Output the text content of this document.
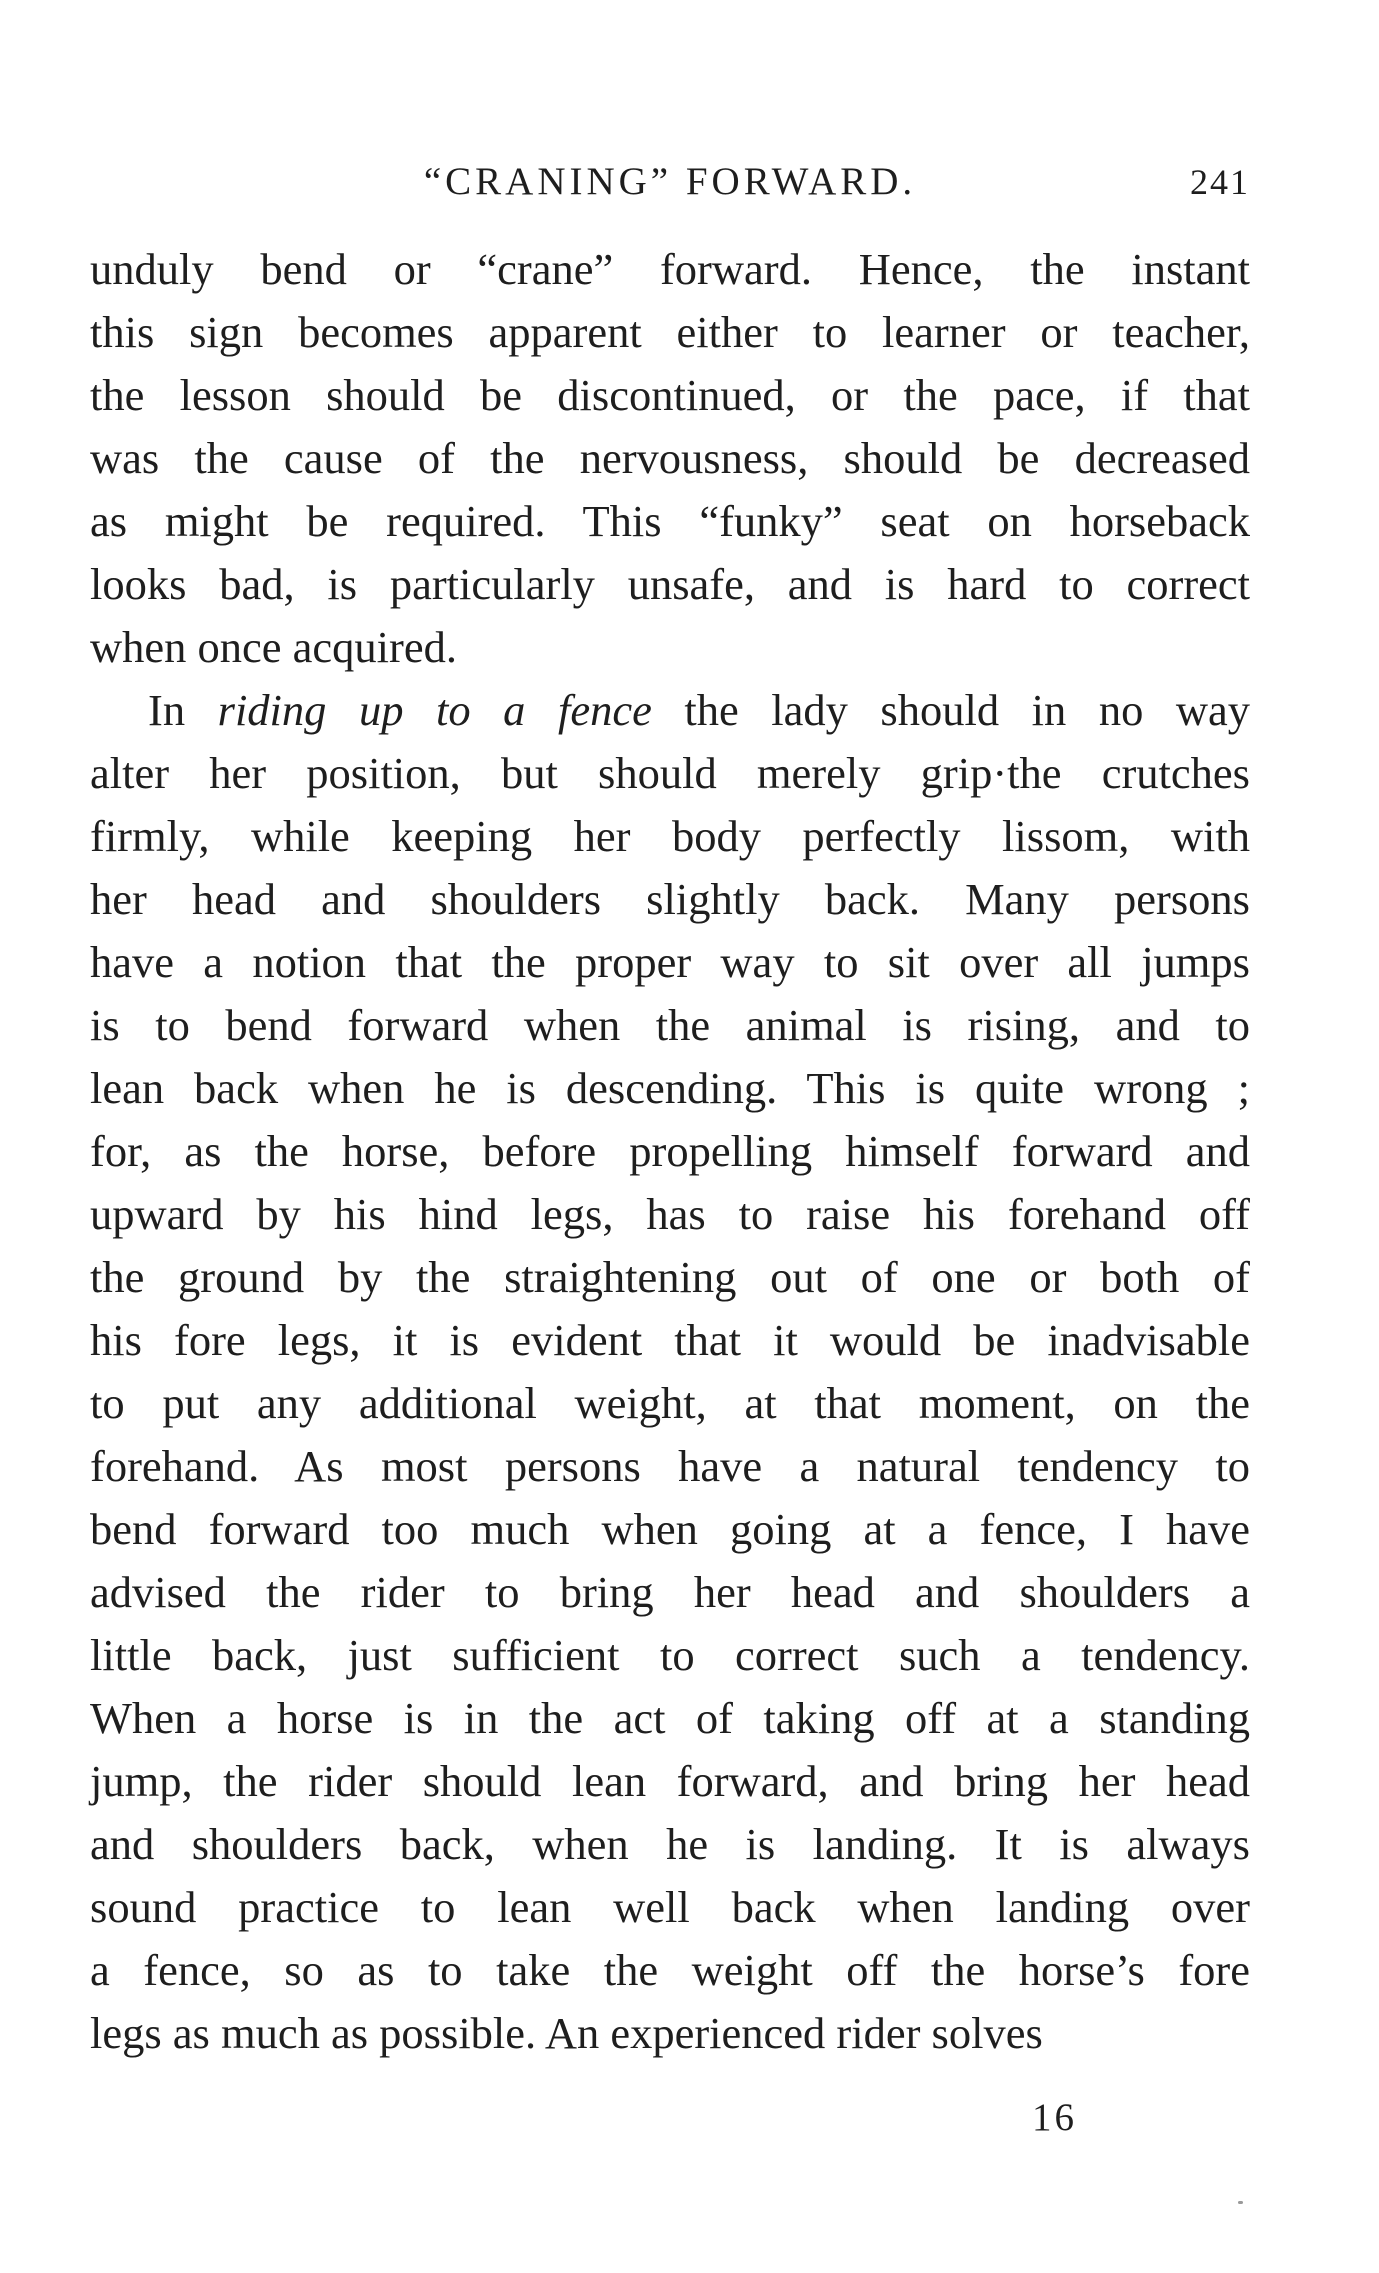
“CRANING” FORWARD.	241
unduly bend or “crane” forward. Hence, the instant
this sign becomes apparent either to learner or teacher,
the lesson should be discontinued, or the pace, if that
was the cause of the nervousness, should be decreased
as might be required. This “funky” seat on horseback
looks bad, is particularly unsafe, and is hard to correct
when once acquired.
In riding up to a fence the lady should in no way
alter her position, but should merely grip·the crutches
firmly, while keeping her body perfectly lissom, with
her head and shoulders slightly back. Many persons
have a notion that the proper way to sit over all jumps
is to bend forward when the animal is rising, and to
lean back when he is descending. This is quite wrong ;
for, as the horse, before propelling himself forward and
upward by his hind legs, has to raise his forehand off
the ground by the straightening out of one or both of
his fore legs, it is evident that it would be inadvisable
to put any additional weight, at that moment, on the
forehand. As most persons have a natural tendency to
bend forward too much when going at a fence, I have
advised the rider to bring her head and shoulders a
little back, just sufficient to correct such a tendency.
When a horse is in the act of taking off at a standing
jump, the rider should lean forward, and bring her head
and shoulders back, when he is landing. It is always
sound practice to lean well back when landing over
a fence, so as to take the weight off the horse’s fore
legs as much as possible. An experienced rider solves
16
